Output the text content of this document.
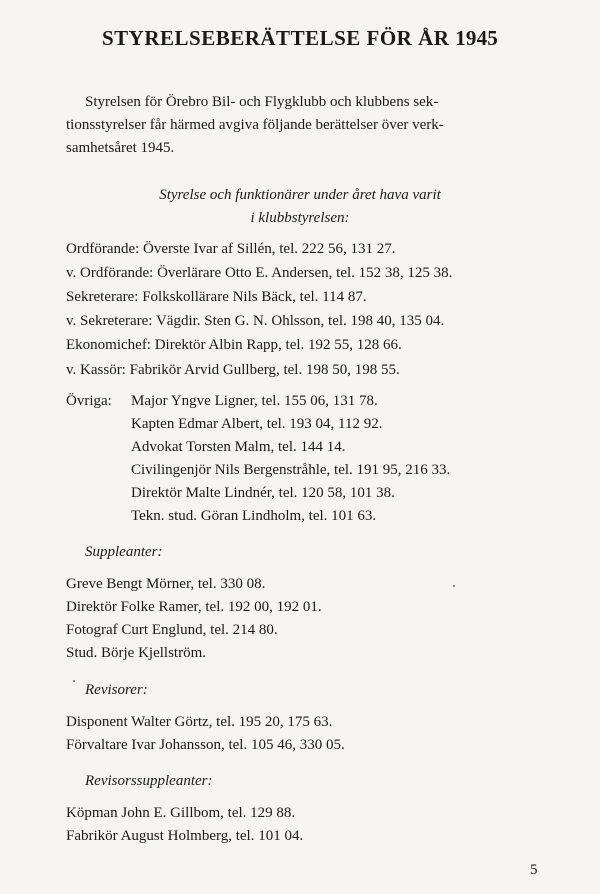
STYRELSEBERÄTTELSE FÖR ÅR 1945
Styrelsen för Örebro Bil- och Flygklubb och klubbens sek-
tionsstyrelser får härmed avgiva följande berättelser över verk-
samhetsåret 1945.
Styrelse och funktionärer under året hava varit
i klubbstyrelsen:
Ordförande: Överste Ivar af Sillén, tel. 222 56, 131 27.
v. Ordförande: Överlärare Otto E. Andersen, tel. 152 38, 125 38.
Sekreterare: Folkskollärare Nils Bäck, tel. 114 87.
v. Sekreterare: Vägdir. Sten G. N. Ohlsson, tel. 198 40, 135 04.
Ekonomichef: Direktör Albin Rapp, tel. 192 55, 128 66.
v. Kassör: Fabrikör Arvid Gullberg, tel. 198 50, 198 55.
Övriga: Major Yngve Ligner, tel. 155 06, 131 78.
Kapten Edmar Albert, tel. 193 04, 112 92.
Advokat Torsten Malm, tel. 144 14.
Civilingenjör Nils Bergenstråhle, tel. 191 95, 216 33.
Direktör Malte Lindnér, tel. 120 58, 101 38.
Tekn. stud. Göran Lindholm, tel. 101 63.
Suppleanter:
Greve Bengt Mörner, tel. 330 08.
Direktör Folke Ramer, tel. 192 00, 192 01.
Fotograf Curt Englund, tel. 214 80.
Stud. Börje Kjellström.
Revisorer:
Disponent Walter Görtz, tel. 195 20, 175 63.
Förvaltare Ivar Johansson, tel. 105 46, 330 05.
Revisorssuppleanter:
Köpman John E. Gillbom, tel. 129 88.
Fabrikör August Holmberg, tel. 101 04.
5
